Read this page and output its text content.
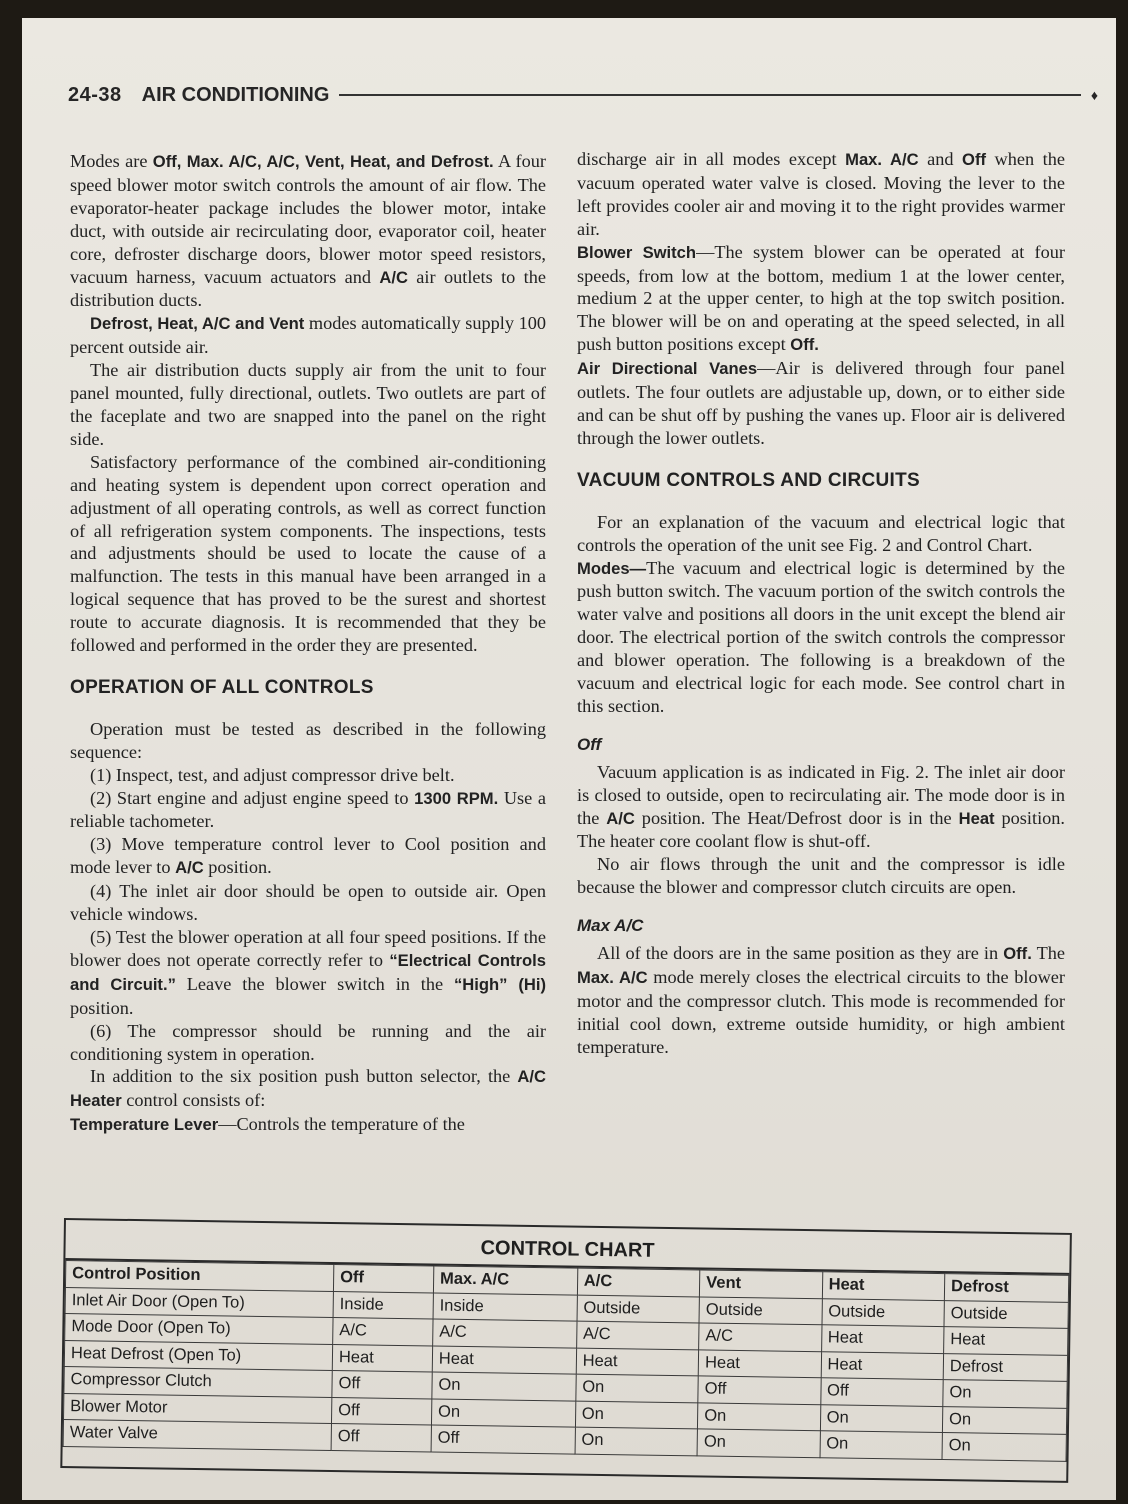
24-38 AIR CONDITIONING	♦

Modes are Off, Max. A/C, A/C, Vent, Heat, and Defrost. A four speed blower motor switch controls the amount of air flow. The evaporator-heater package includes the blower motor, intake duct, with outside air recirculating door, evaporator coil, heater core, defroster discharge doors, blower motor speed resistors, vacuum harness, vacuum actuators and A/C air outlets to the distribution ducts.

Defrost, Heat, A/C and Vent modes automatically supply 100 percent outside air.

The air distribution ducts supply air from the unit to four panel mounted, fully directional, outlets. Two outlets are part of the faceplate and two are snapped into the panel on the right side.

Satisfactory performance of the combined air-conditioning and heating system is dependent upon correct operation and adjustment of all operating controls, as well as correct function of all refrigeration system components. The inspections, tests and adjustments should be used to locate the cause of a malfunction. The tests in this manual have been arranged in a logical sequence that has proved to be the surest and shortest route to accurate diagnosis. It is recommended that they be followed and performed in the order they are presented.

OPERATION OF ALL CONTROLS

Operation must be tested as described in the following sequence:

(1) Inspect, test, and adjust compressor drive belt.

(2) Start engine and adjust engine speed to 1300 RPM. Use a reliable tachometer.

(3) Move temperature control lever to Cool position and mode lever to A/C position.

(4) The inlet air door should be open to outside air. Open vehicle windows.

(5) Test the blower operation at all four speed positions. If the blower does not operate correctly refer to “Electrical Controls and Circuit.” Leave the blower switch in the “High” (Hi) position.

(6) The compressor should be running and the air conditioning system in operation.

In addition to the six position push button selector, the A/C Heater control consists of:

Temperature Lever—Controls the temperature of the

discharge air in all modes except Max. A/C and Off when the vacuum operated water valve is closed. Moving the lever to the left provides cooler air and moving it to the right provides warmer air.

Blower Switch—The system blower can be operated at four speeds, from low at the bottom, medium 1 at the lower center, medium 2 at the upper center, to high at the top switch position. The blower will be on and operating at the speed selected, in all push button positions except Off.

Air Directional Vanes—Air is delivered through four panel outlets. The four outlets are adjustable up, down, or to either side and can be shut off by pushing the vanes up. Floor air is delivered through the lower outlets.

VACUUM CONTROLS AND CIRCUITS

For an explanation of the vacuum and electrical logic that controls the operation of the unit see Fig. 2 and Control Chart.

Modes—The vacuum and electrical logic is determined by the push button switch. The vacuum portion of the switch controls the water valve and positions all doors in the unit except the blend air door. The electrical portion of the switch controls the compressor and blower operation. The following is a breakdown of the vacuum and electrical logic for each mode. See control chart in this section.

Off

Vacuum application is as indicated in Fig. 2. The inlet air door is closed to outside, open to recirculating air. The mode door is in the A/C position. The Heat/Defrost door is in the Heat position. The heater core coolant flow is shut-off.

No air flows through the unit and the compressor is idle because the blower and compressor clutch circuits are open.

Max A/C

All of the doors are in the same position as they are in Off. The Max. A/C mode merely closes the electrical circuits to the blower motor and the compressor clutch. This mode is recommended for initial cool down, extreme outside humidity, or high ambient temperature.

CONTROL CHART
Control Position	Off	Max. A/C	A/C	Vent	Heat	Defrost
Inlet Air Door (Open To)	Inside	Inside	Outside	Outside	Outside	Outside
Mode Door (Open To)	A/C	A/C	A/C	A/C	Heat	Heat
Heat Defrost (Open To)	Heat	Heat	Heat	Heat	Heat	Defrost
Compressor Clutch	Off	On	On	Off	Off	On
Blower Motor	Off	On	On	On	On	On
Water Valve	Off	Off	On	On	On	On
